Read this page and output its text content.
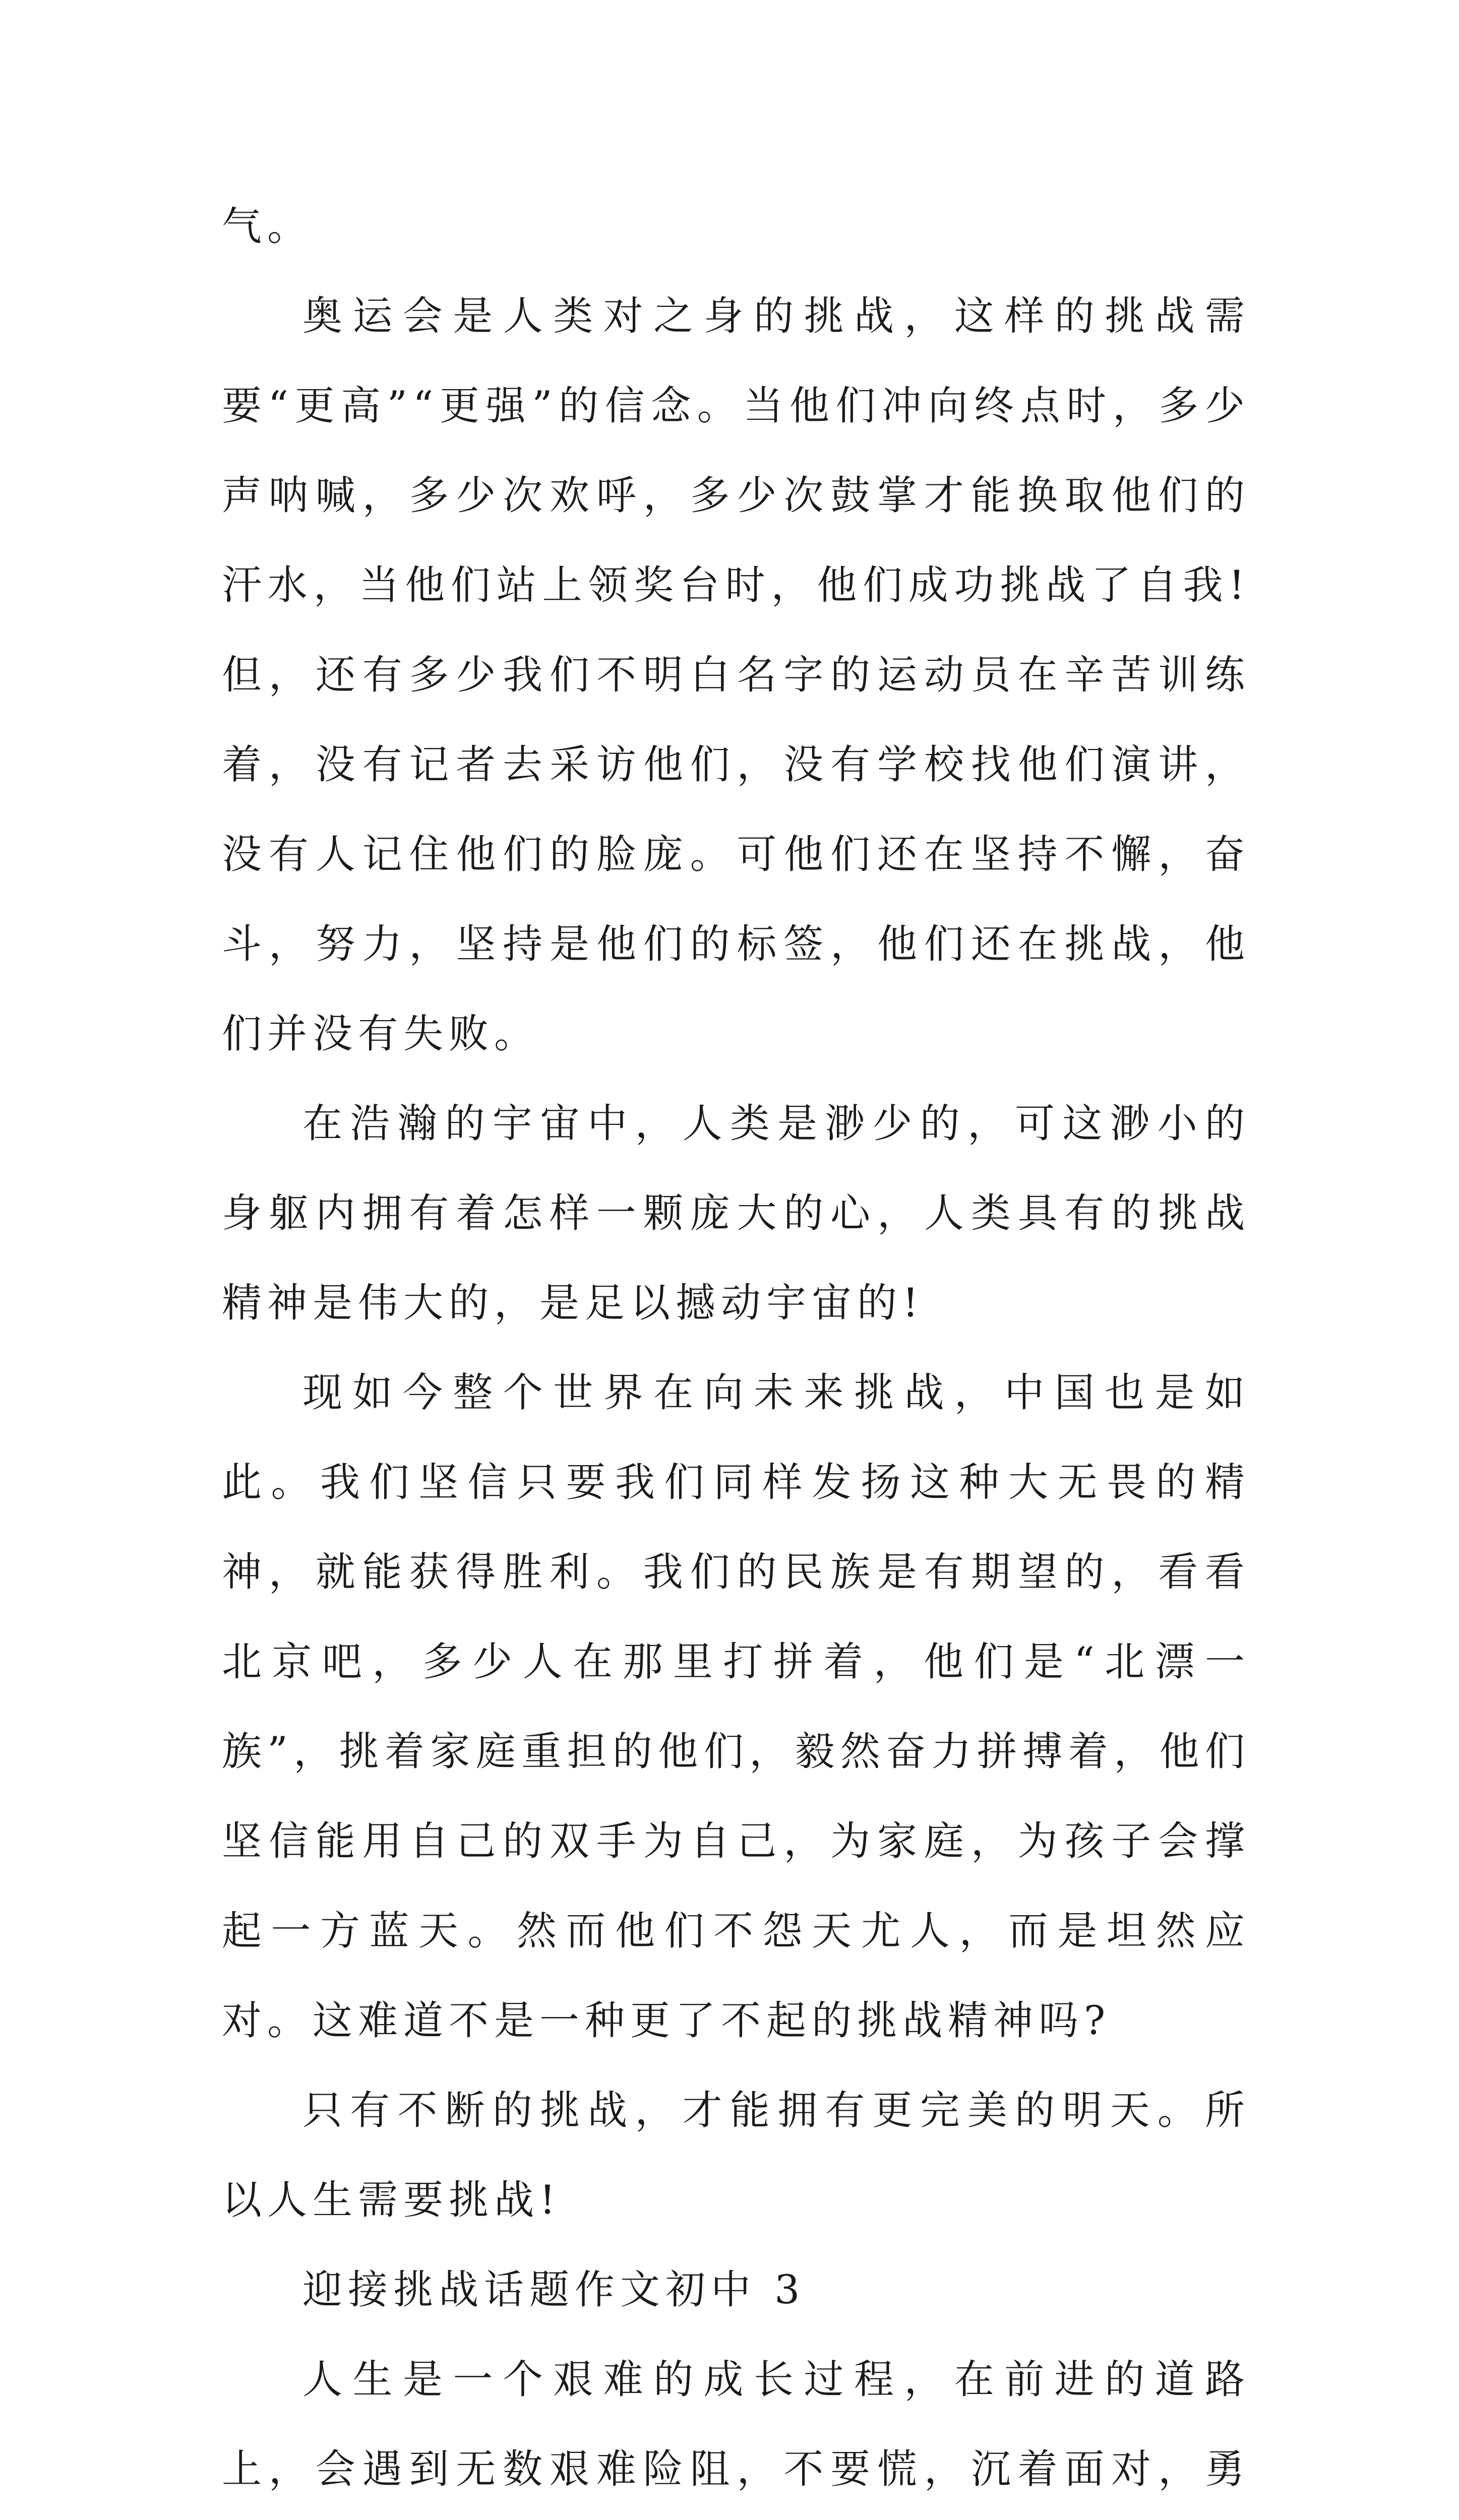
气。

奥运会是人类对之身的挑战，这样的挑战需要“更高”“更强”的信念。当他们冲向终点时，多少声呐喊，多少次欢呼，多少次鼓掌才能换取他们的汗水，当他们站上领奖台时，他们成功挑战了自我!但，还有多少我们不明白名字的运动员在辛苦训练着，没有记者去采访他们，没有学校找他们演讲，没有人记住他们的脸庞。可他们还在坚持不懈，奋斗，努力，坚持是他们的标签，他们还在挑战，他们并没有失败。

在浩瀚的宇宙中，人类是渺少的，可这渺小的身躯内拥有着怎样一颗庞大的心，人类具有的挑战精神是伟大的，是足以撼动宇宙的!

现如今整个世界在向未来挑战，中国也是如此。我们坚信只要我们同样发扬这种大无畏的精神，就能获得胜利。我们的民族是有期望的，看看北京吧，多少人在那里打拼着，他们是“北漂一族”，挑着家庭重担的他们，毅然奋力拼搏着，他们坚信能用自己的双手为自己，为家庭，为孩子会撑起一方蓝天。然而他们不怨天尤人，而是坦然应对。这难道不是一种更了不起的挑战精神吗?

只有不断的挑战，才能拥有更完美的明天。所以人生需要挑战!

迎接挑战话题作文初中 3

人生是一个艰难的成长过程，在前进的道路上，会遇到无数艰难险阻，不要慌，沉着面对，勇
